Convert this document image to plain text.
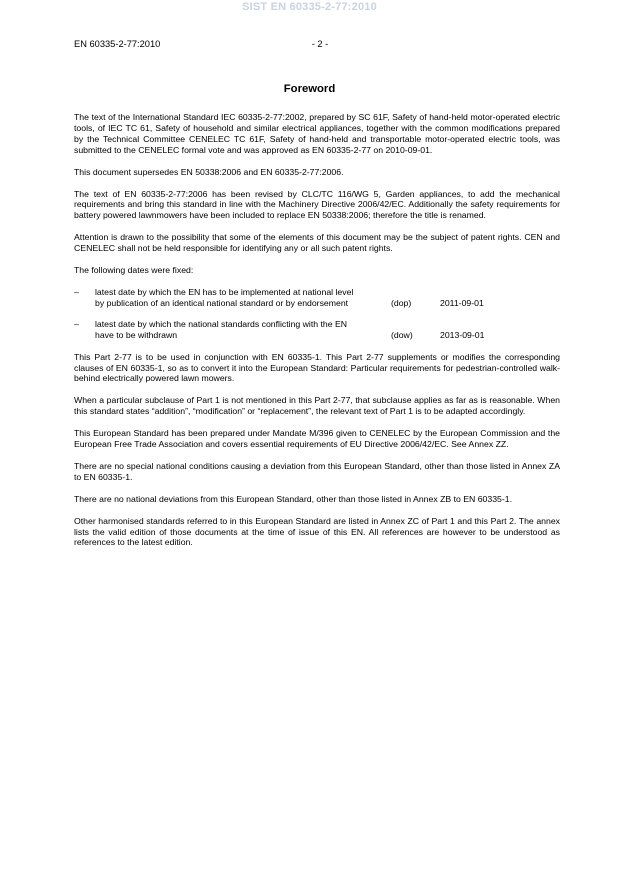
SIST EN 60335-2-77:2010
EN 60335-2-77:2010	- 2 -
Foreword

The text of the International Standard IEC 60335-2-77:2002, prepared by SC 61F, Safety of hand-held motor-operated electric tools, of IEC TC 61, Safety of household and similar electrical appliances, together with the common modifications prepared by the Technical Committee CENELEC TC 61F, Safety of hand-held and transportable motor-operated electric tools, was submitted to the CENELEC formal vote and was approved as EN 60335-2-77 on 2010-09-01.

This document supersedes EN 50338:2006 and EN 60335-2-77:2006.

The text of EN 60335-2-77:2006 has been revised by CLC/TC 116/WG 5, Garden appliances, to add the mechanical requirements and bring this standard in line with the Machinery Directive 2006/42/EC. Additionally the safety requirements for battery powered lawnmowers have been included to replace EN 50338:2006; therefore the title is renamed.

Attention is drawn to the possibility that some of the elements of this document may be the subject of patent rights. CEN and CENELEC shall not be held responsible for identifying any or all such patent rights.

The following dates were fixed:

– latest date by which the EN has to be implemented at national level by publication of an identical national standard or by endorsement	(dop)	2011-09-01
– latest date by which the national standards conflicting with the EN have to be withdrawn	(dow)	2013-09-01

This Part 2-77 is to be used in conjunction with EN 60335-1. This Part 2-77 supplements or modifies the corresponding clauses of EN 60335-1, so as to convert it into the European Standard: Particular requirements for pedestrian-controlled walk-behind electrically powered lawn mowers.

When a particular subclause of Part 1 is not mentioned in this Part 2-77, that subclause applies as far as is reasonable. When this standard states “addition”, “modification” or “replacement”, the relevant text of Part 1 is to be adapted accordingly.

This European Standard has been prepared under Mandate M/396 given to CENELEC by the European Commission and the European Free Trade Association and covers essential requirements of EU Directive 2006/42/EC. See Annex ZZ.

There are no special national conditions causing a deviation from this European Standard, other than those listed in Annex ZA to EN 60335-1.

There are no national deviations from this European Standard, other than those listed in Annex ZB to EN 60335-1.

Other harmonised standards referred to in this European Standard are listed in Annex ZC of Part 1 and this Part 2. The annex lists the valid edition of those documents at the time of issue of this EN. All references are however to be understood as references to the latest edition.
